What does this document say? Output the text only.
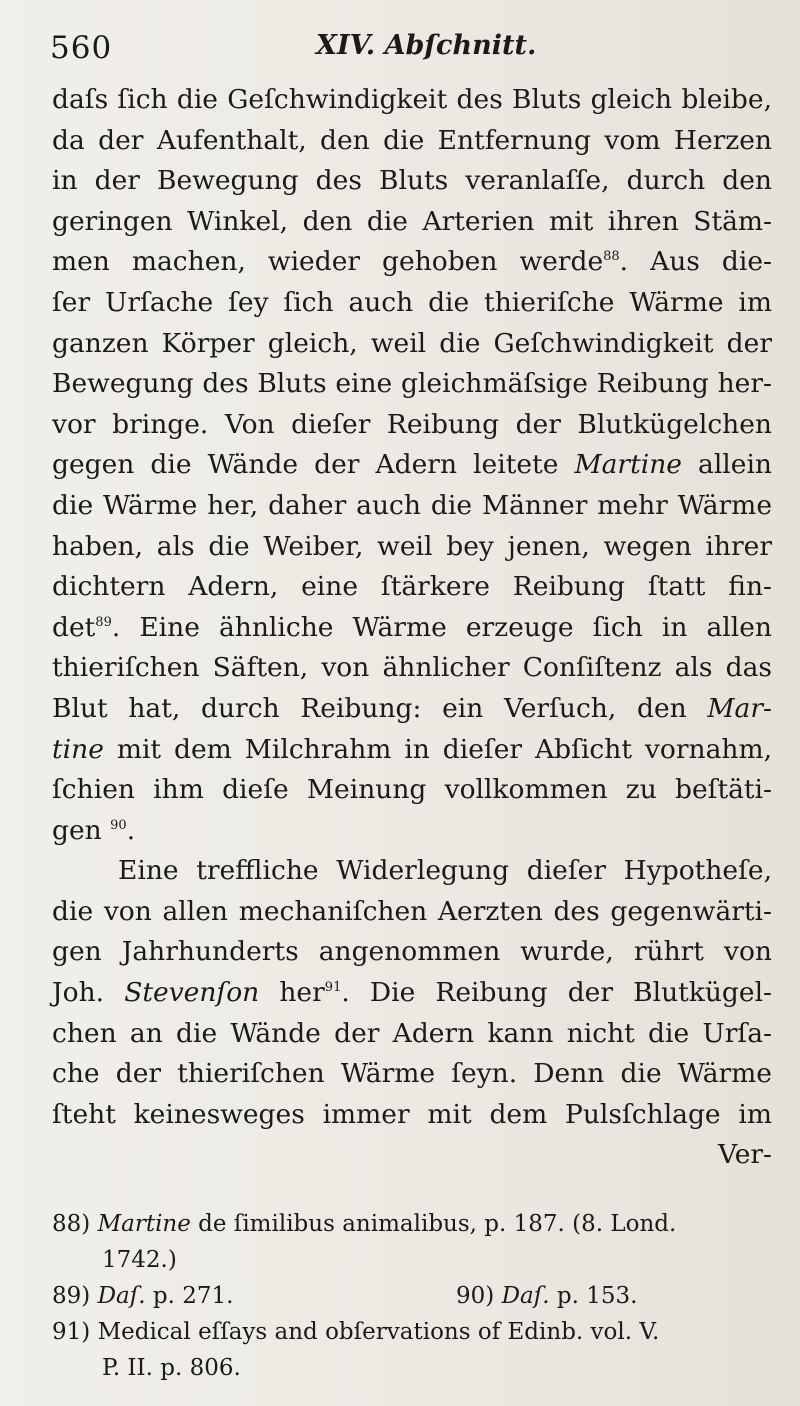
560	XIV. Abſchnitt.
daſs ſich die Geſchwindigkeit des Bluts gleich bleibe,
da der Aufenthalt, den die Entfernung vom Herzen
in der Bewegung des Bluts veranlaſſe, durch den
geringen Winkel, den die Arterien mit ihren Stäm-
men machen, wieder gehoben werde$^{88}$. Aus die-
ſer Urſache ſey ſich auch die thieriſche Wärme im
ganzen Körper gleich, weil die Geſchwindigkeit der
Bewegung des Bluts eine gleichmäſsige Reibung her-
vor bringe. Von dieſer Reibung der Blutkügelchen
gegen die Wände der Adern leitete Martine allein
die Wärme her, daher auch die Männer mehr Wärme
haben, als die Weiber, weil bey jenen, wegen ihrer
dichtern Adern, eine ſtärkere Reibung ſtatt fin-
det$^{89}$. Eine ähnliche Wärme erzeuge ſich in allen
thieriſchen Säften, von ähnlicher Conſiſtenz als das
Blut hat, durch Reibung: ein Verſuch, den Mar-
tine mit dem Milchrahm in dieſer Abſicht vornahm,
ſchien ihm dieſe Meinung vollkommen zu beſtäti-
gen $^{90}$.
Eine treffliche Widerlegung dieſer Hypotheſe,
die von allen mechaniſchen Aerzten des gegenwärti-
gen Jahrhunderts angenommen wurde, rührt von
Joh. Stevenſon her$^{91}$. Die Reibung der Blutkügel-
chen an die Wände der Adern kann nicht die Urſa-
che der thieriſchen Wärme ſeyn. Denn die Wärme
ſteht keinesweges immer mit dem Pulsſchlage im
Ver-
88) Martine de ſimilibus animalibus, p. 187. (8. Lond.
1742.)
89) Daſ. p. 271.	90) Daſ. p. 153.
91) Medical eſſays and obſervations of Edinb. vol. V.
P. II. p. 806.
